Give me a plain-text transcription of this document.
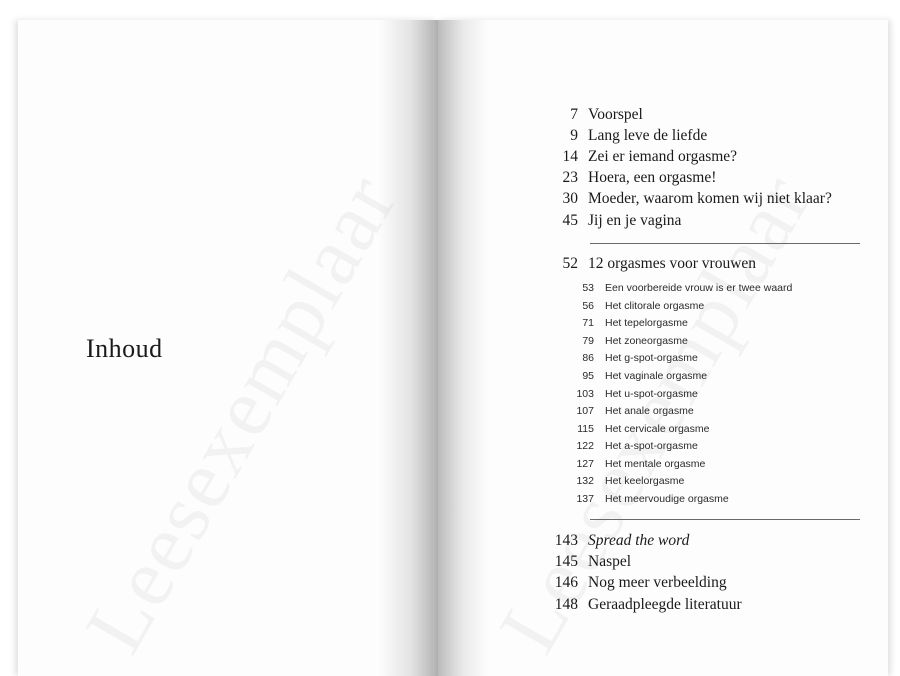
Inhoud
7 Voorspel
9 Lang leve de liefde
14 Zei er iemand orgasme?
23 Hoera, een orgasme!
30 Moeder, waarom komen wij niet klaar?
45 Jij en je vagina
52 12 orgasmes voor vrouwen
53 Een voorbereide vrouw is er twee waard
56 Het clitorale orgasme
71 Het tepelorgasme
79 Het zoneorgasme
86 Het g-spot-orgasme
95 Het vaginale orgasme
103 Het u-spot-orgasme
107 Het anale orgasme
115 Het cervicale orgasme
122 Het a-spot-orgasme
127 Het mentale orgasme
132 Het keelorgasme
137 Het meervoudige orgasme
143 Spread the word
145 Naspel
146 Nog meer verbeelding
148 Geraadpleegde literatuur
